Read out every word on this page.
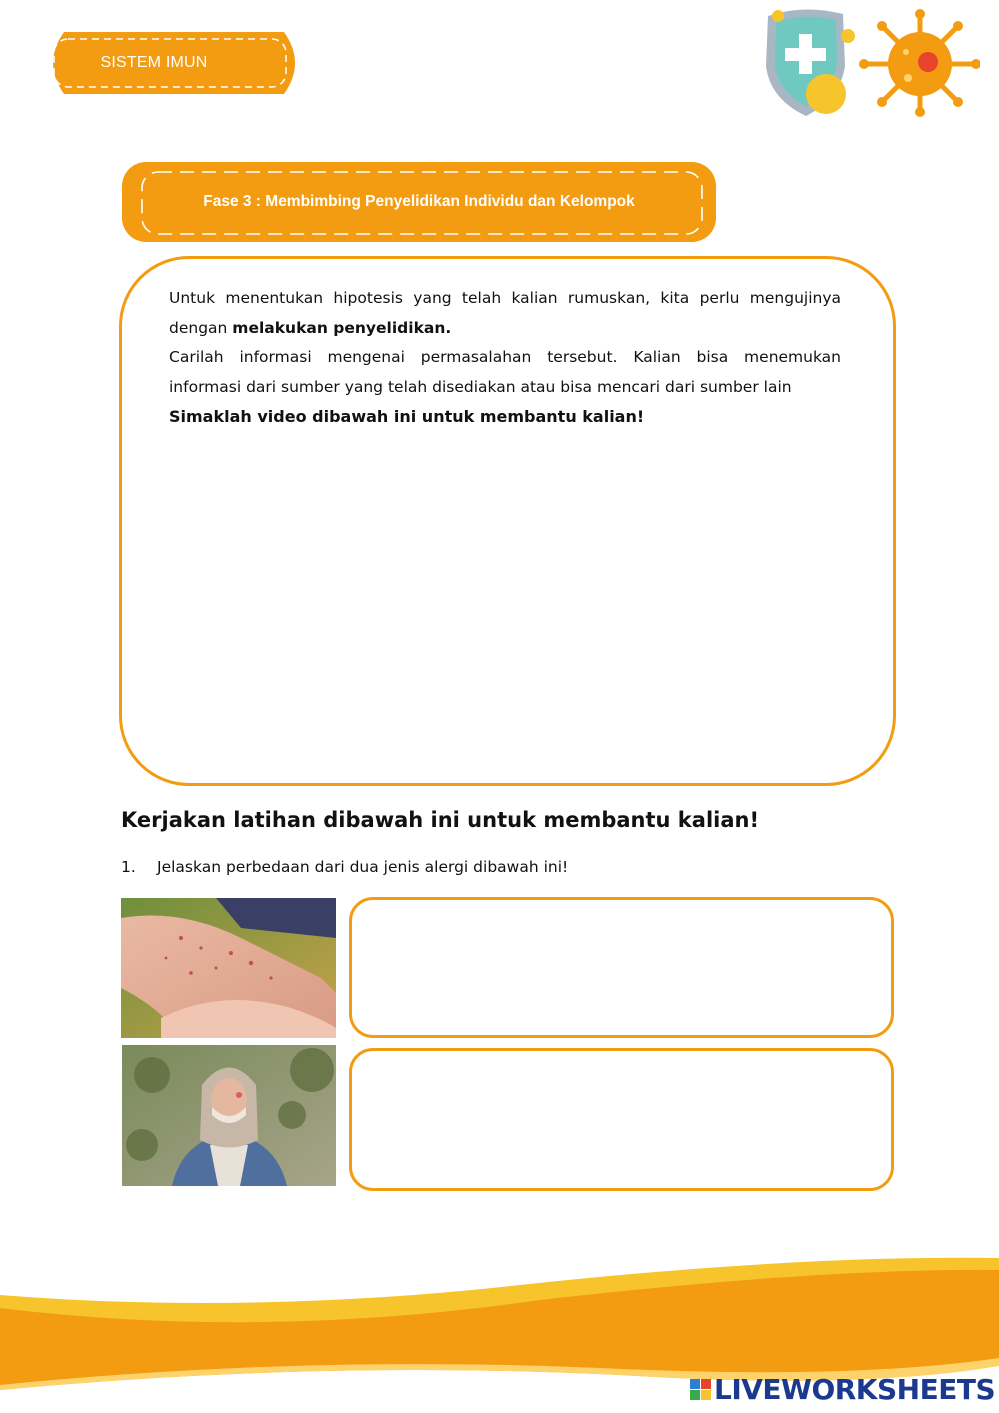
SISTEM IMUN
Fase 3 : Membimbing Penyelidikan Individu dan Kelompok

Untuk menentukan hipotesis yang telah kalian rumuskan, kita perlu mengujinya dengan melakukan penyelidikan.

Carilah informasi mengenai permasalahan tersebut. Kalian bisa menemukan informasi dari sumber yang telah disediakan atau bisa mencari dari sumber lain

Simaklah video dibawah ini untuk membantu kalian!

Kerjakan latihan dibawah ini untuk membantu kalian!
1. Jelaskan perbedaan dari dua jenis alergi dibawah ini!
LIVEWORKSHEETS
